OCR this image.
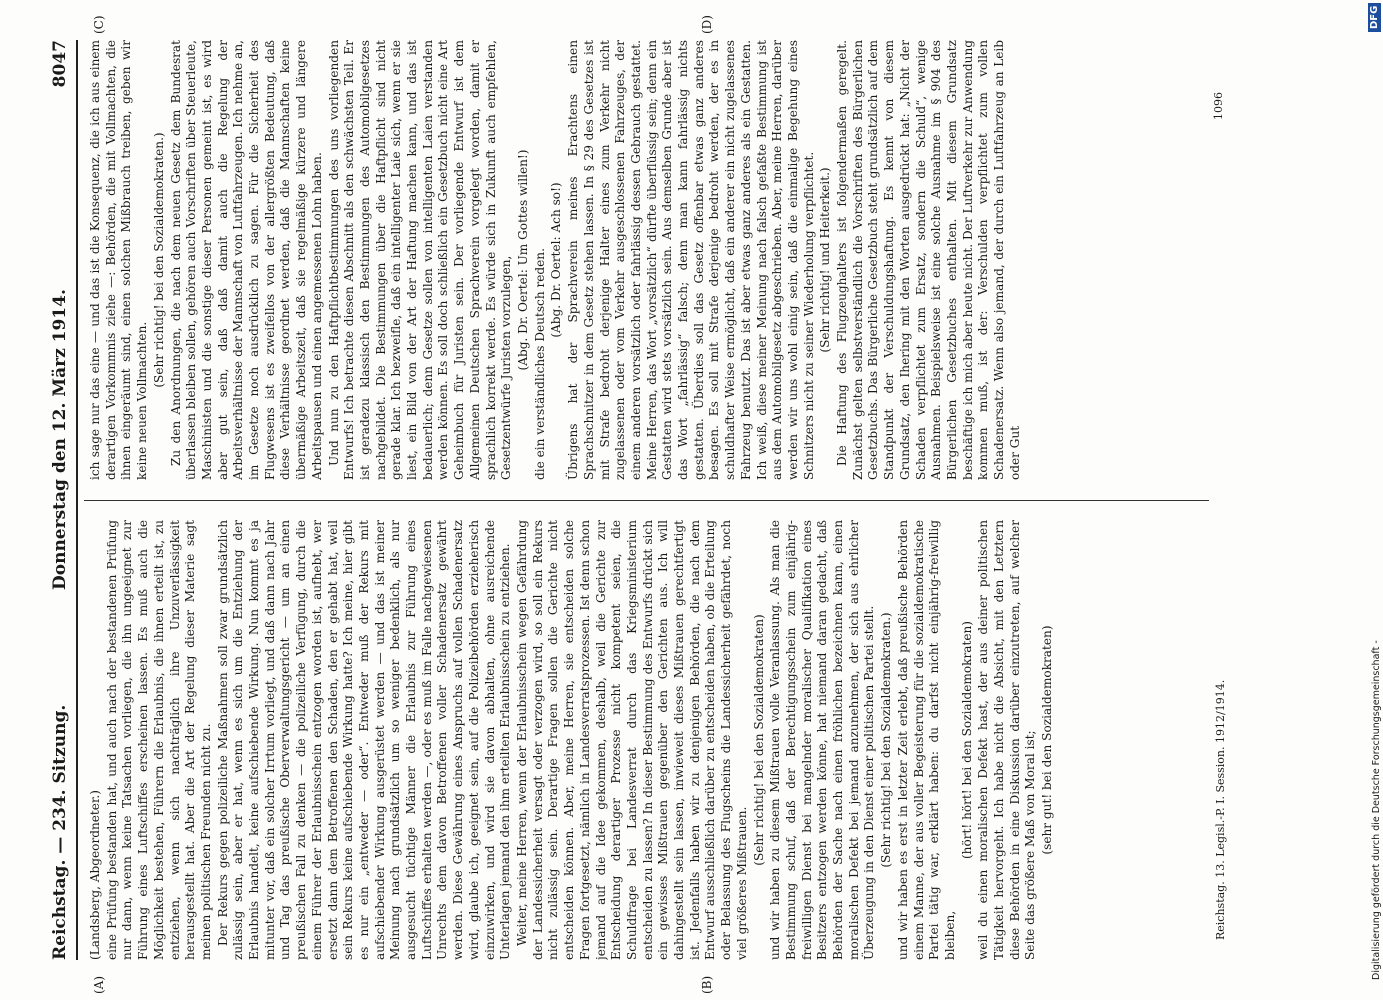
Reichstag. — 234. Sitzung.
Donnerstag den 12. März 1914.
8047
(A)	(B)
(C)	(D)

(Landsberg, Abgeordneter.) eine Prüfung bestanden hat, und auch nach der bestandenen Prüfung nur dann, wenn keine Tatsachen vorliegen, die ihn ungeeignet zur Führung eines Luftschiffes erscheinen lassen. Es muß auch die Möglichkeit bestehen, Führern die Erlaubnis, die ihnen erteilt ist, zu entziehen, wenn sich nachträglich ihre Unzuverlässigkeit herausgestellt hat. Aber die Art der Regelung dieser Materie sagt meinen politischen Freunden nicht zu. Der Rekurs gegen polizeiliche Maßnahmen soll zwar grundsätzlich zulässig sein, aber er hat, wenn es sich um die Entziehung der Erlaubnis handelt, keine aufschiebende Wirkung. Nun kommt es ja mitunter vor, daß ein solcher Irrtum vorliegt, und daß dann nach Jahr und Tag das preußische Oberverwaltungsgericht — um an einen preußischen Fall zu denken — die polizeiliche Verfügung, durch die einem Führer der Erlaubnisschein entzogen worden ist, aufhebt, wer ersetzt dann dem Betroffenen den Schaden, den er gehabt hat, weil sein Rekurs keine aufschiebende Wirkung hatte? Ich meine, hier gibt es nur ein „entweder — oder“. Entweder muß der Rekurs mit aufschiebender Wirkung ausgerüstet werden — und das ist meiner Meinung nach grundsätzlich um so weniger bedenklich, als nur ausgesucht tüchtige Männer die Erlaubnis zur Führung eines Luftschiffes erhalten werden —, oder es muß im Falle nachgewiesenen Unrechts dem davon Betroffenen voller Schadenersatz gewährt werden. Diese Gewährung eines Anspruchs auf vollen Schadenersatz wird, glaube ich, geeignet sein, auf die Polizeibehörden erzieherisch einzuwirken, und wird sie davon abhalten, ohne ausreichende Unterlagen jemand den ihm erteilten Erlaubnisschein zu entziehen. Weiter, meine Herren, wenn der Erlaubnisschein wegen Gefährdung der Landessicherheit versagt oder verzogen wird, so soll ein Rekurs nicht zulässig sein. Derartige Fragen sollen die Gerichte nicht entscheiden können. Aber, meine Herren, sie entscheiden solche Fragen fortgesetzt, nämlich in Landesverratsprozessen. Ist denn schon jemand auf die Idee gekommen, deshalb, weil die Gerichte zur Entscheidung derartiger Prozesse nicht kompetent seien, die Schuldfrage bei Landesverrat durch das Kriegsministerium entscheiden zu lassen? In dieser Bestimmung des Entwurfs drückt sich ein gewisses Mißtrauen gegenüber den Gerichten aus. Ich will dahingestellt sein lassen, inwieweit dieses Mißtrauen gerechtfertigt ist. Jedenfalls haben wir zu denjenigen Behörden, die nach dem Entwurf ausschließlich darüber zu entscheiden haben, ob die Erteilung oder Belassung des Flugscheins die Landessicherheit gefährdet, noch viel größeres Mißtrauen.

(Sehr richtig! bei den Sozialdemokraten) und wir haben zu diesem Mißtrauen volle Veranlassung. Als man die Bestimmung schuf, daß der Berechtigungsschein zum einjährig-freiwilligen Dienst bei mangelnder moralischer Qualifikation eines Besitzers entzogen werden könne, hat niemand daran gedacht, daß Behörden der Sache nach einen fröhlichen bezeichnen kann, einen moralischen Defekt bei jemand anzunehmen, der sich aus ehrlicher Überzeugung in den Dienst einer politischen Partei stellt. (Sehr richtig! bei den Sozialdemokraten.) und wir haben es erst in letzter Zeit erlebt, daß preußische Behörden einem Manne, der aus voller Begeisterung für die sozialdemokratische Partei tätig war, erklärt haben: du darfst nicht einjährig-freiwillig bleiben,

(hört! hört! bei den Sozialdemokraten) weil du einen moralischen Defekt hast, der aus deiner politischen Tätigkeit hervorgeht. Ich habe nicht die Absicht, mit den Letztern diese Behörden in eine Diskussion darüber einzutreten, auf welcher Seite das größere Maß von Moral ist; (sehr gut! bei den Sozialdemokraten)

ich sage nur das eine — und das ist die Konsequenz, die ich aus einem derartigen Vorkommnis ziehe —: Behörden, die mit Vollmachten, die ihnen eingeräumt sind, einen solchen Mißbrauch treiben, geben wir keine neuen Vollmachten.

(Sehr richtig! bei den Sozialdemokraten.) Zu den Anordnungen, die nach dem neuen Gesetz dem Bundesrat überlassen bleiben sollen, gehören auch Vorschriften über Steuerleute, Maschinisten und die sonstige dieser Personen gemeint ist, es wird aber gut sein, daß daß damit auch die Regelung der Arbeitsverhältnisse der Mannschaft von Luftfahrzeugen. Ich nehme an, im Gesetze noch ausdrücklich zu sagen. Für die Sicherheit des Flugwesens ist es zweifellos von der allergrößten Bedeutung, daß diese Verhältnisse geordnet werden, daß die Mannschaften keine übermäßige Arbeitszeit, daß sie regelmäßige kürzere und längere Arbeitspausen und einen angemessenen Lohn haben. Und nun zu den Haftpflichtbestimmungen des uns vorliegenden Entwurfs! Ich betrachte diesen Abschnitt als den schwächsten Teil. Er ist geradezu klassisch den Bestimmungen des Automobilgesetzes nachgebildet. Die Bestimmungen über die Haftpflicht sind nicht gerade klar. Ich bezweifle, daß ein intelligenter Laie sich, wenn er sie liest, ein Bild von der Art der Haftung machen kann, und das ist bedauerlich; denn Gesetze sollen von intelligenten Laien verstanden werden können. Es soll doch schließlich ein Gesetzbuch nicht eine Art Geheimbuch für Juristen sein. Der vorliegende Entwurf ist dem Allgemeinen Deutschen Sprachverein vorgelegt worden, damit er sprachlich korrekt werde. Es würde sich in Zukunft auch empfehlen, Gesetzentwürfe Juristen vorzulegen, (Abg. Dr. Oertel: Um Gottes willen!) die ein verständliches Deutsch reden. (Abg. Dr. Oertel: Ach so!) Übrigens hat der Sprachverein meines Erachtens einen Sprachschnitzer in dem Gesetz stehen lassen. In § 29 des Gesetzes ist mit Strafe bedroht derjenige Halter eines zum Verkehr nicht zugelassenen oder vom Verkehr ausgeschlossenen Fahrzeuges, der einem anderen vorsätzlich oder fahrlässig dessen Gebrauch gestattet. Meine Herren, das Wort „vorsätzlich“ dürfte überflüssig sein; denn ein Gestatten wird stets vorsätzlich sein. Aus demselben Grunde aber ist das Wort „fahrlässig“ falsch; denn man kann fahrlässig nichts gestatten. Überdies soll das Gesetz offenbar etwas ganz anderes besagen. Es soll mit Strafe derjenige bedroht werden, der es in schuldhafter Weise ermöglicht, daß ein anderer ein nicht zugelassenes Fahrzeug benutzt. Das ist aber etwas ganz anderes als ein Gestatten. Ich weiß, diese meiner Meinung nach falsch gefaßte Bestimmung ist aus dem Automobilgesetz abgeschrieben. Aber, meine Herren, darüber werden wir uns wohl einig sein, daß die einmalige Begehung eines Schnitzers nicht zu seiner Wiederholung verpflichtet. (Sehr richtig! und Heiterkeit.) Die Haftung des Flugzeughalters ist folgendermaßen geregelt. Zunächst gelten selbstverständlich die Vorschriften des Bürgerlichen Gesetzbuchs. Das Bürgerliche Gesetzbuch steht grundsätzlich auf dem Standpunkt der Verschuldungshaftung. Es kennt von diesem Grundsatz, den Ihering mit den Worten ausgedrückt hat: „Nicht der Schaden verpflichtet zum Ersatz, sondern die Schuld“, wenige Ausnahmen. Beispielsweise ist eine solche Ausnahme im § 904 des Bürgerlichen Gesetzbuches enthalten. Mit diesem Grundsatz beschäftige ich mich aber heute nicht. Der Luftverkehr zur Anwendung kommen muß, ist der: Verschulden verpflichtet zum vollen Schadenersatz. Wenn also jemand, der durch ein Luftfahrzeug an Leib oder Gut

Reichstag. 13. Legisl.-P. I. Session. 1912/1914.
1096
Digitalisierung gefördert durch die Deutsche Forschungsgemeinschaft -
DFG
